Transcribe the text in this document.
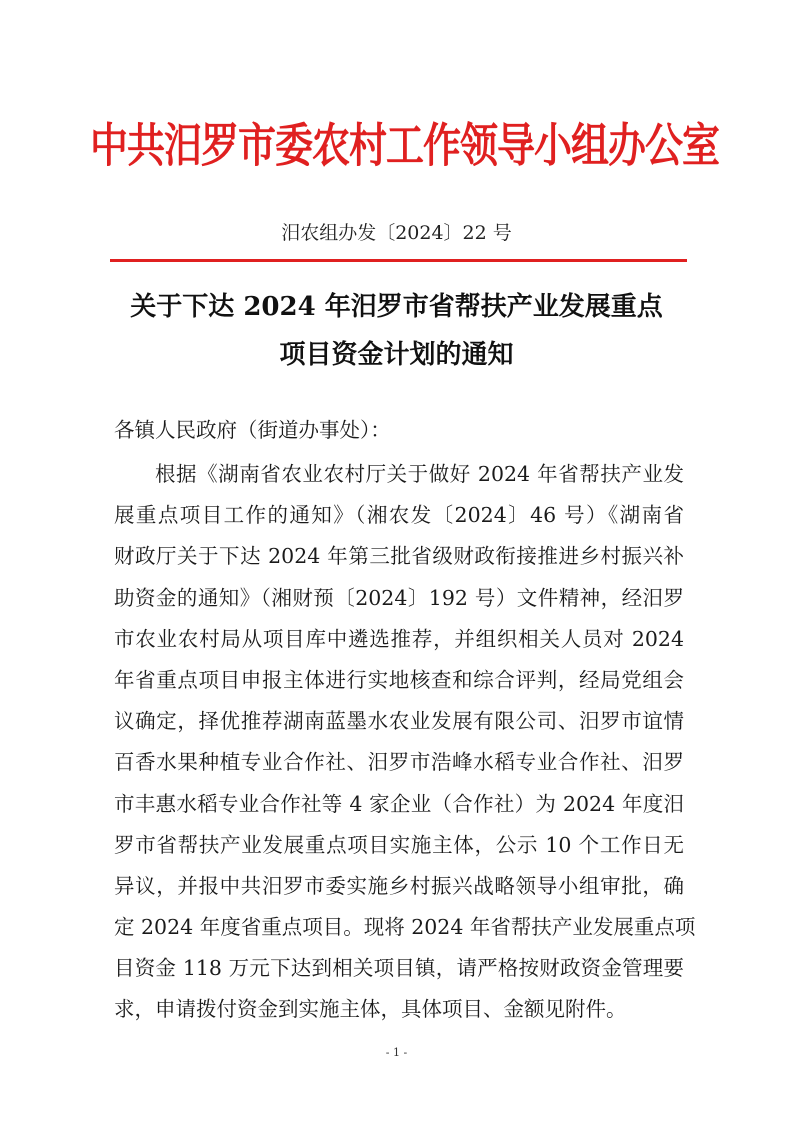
中共汨罗市委农村工作领导小组办公室
汨农组办发〔2024〕22 号
关于下达 2024 年汨罗市省帮扶产业发展重点
项目资金计划的通知
各镇人民政府（街道办事处）：
根据《湖南省农业农村厅关于做好 2024 年省帮扶产业发
展重点项目工作的通知》（湘农发〔2024〕46 号）《湖南省
财政厅关于下达 2024 年第三批省级财政衔接推进乡村振兴补
助资金的通知》（湘财预〔2024〕192 号）文件精神，经汨罗
市农业农村局从项目库中遴选推荐，并组织相关人员对 2024
年省重点项目申报主体进行实地核查和综合评判，经局党组会
议确定，择优推荐湖南蓝墨水农业发展有限公司、汨罗市谊情
百香水果种植专业合作社、汨罗市浩峰水稻专业合作社、汨罗
市丰惠水稻专业合作社等 4 家企业（合作社）为 2024 年度汨
罗市省帮扶产业发展重点项目实施主体，公示 10 个工作日无
异议，并报中共汨罗市委实施乡村振兴战略领导小组审批，确
定 2024 年度省重点项目。现将 2024 年省帮扶产业发展重点项
目资金 118 万元下达到相关项目镇，请严格按财政资金管理要
求，申请拨付资金到实施主体，具体项目、金额见附件。
- 1 -
